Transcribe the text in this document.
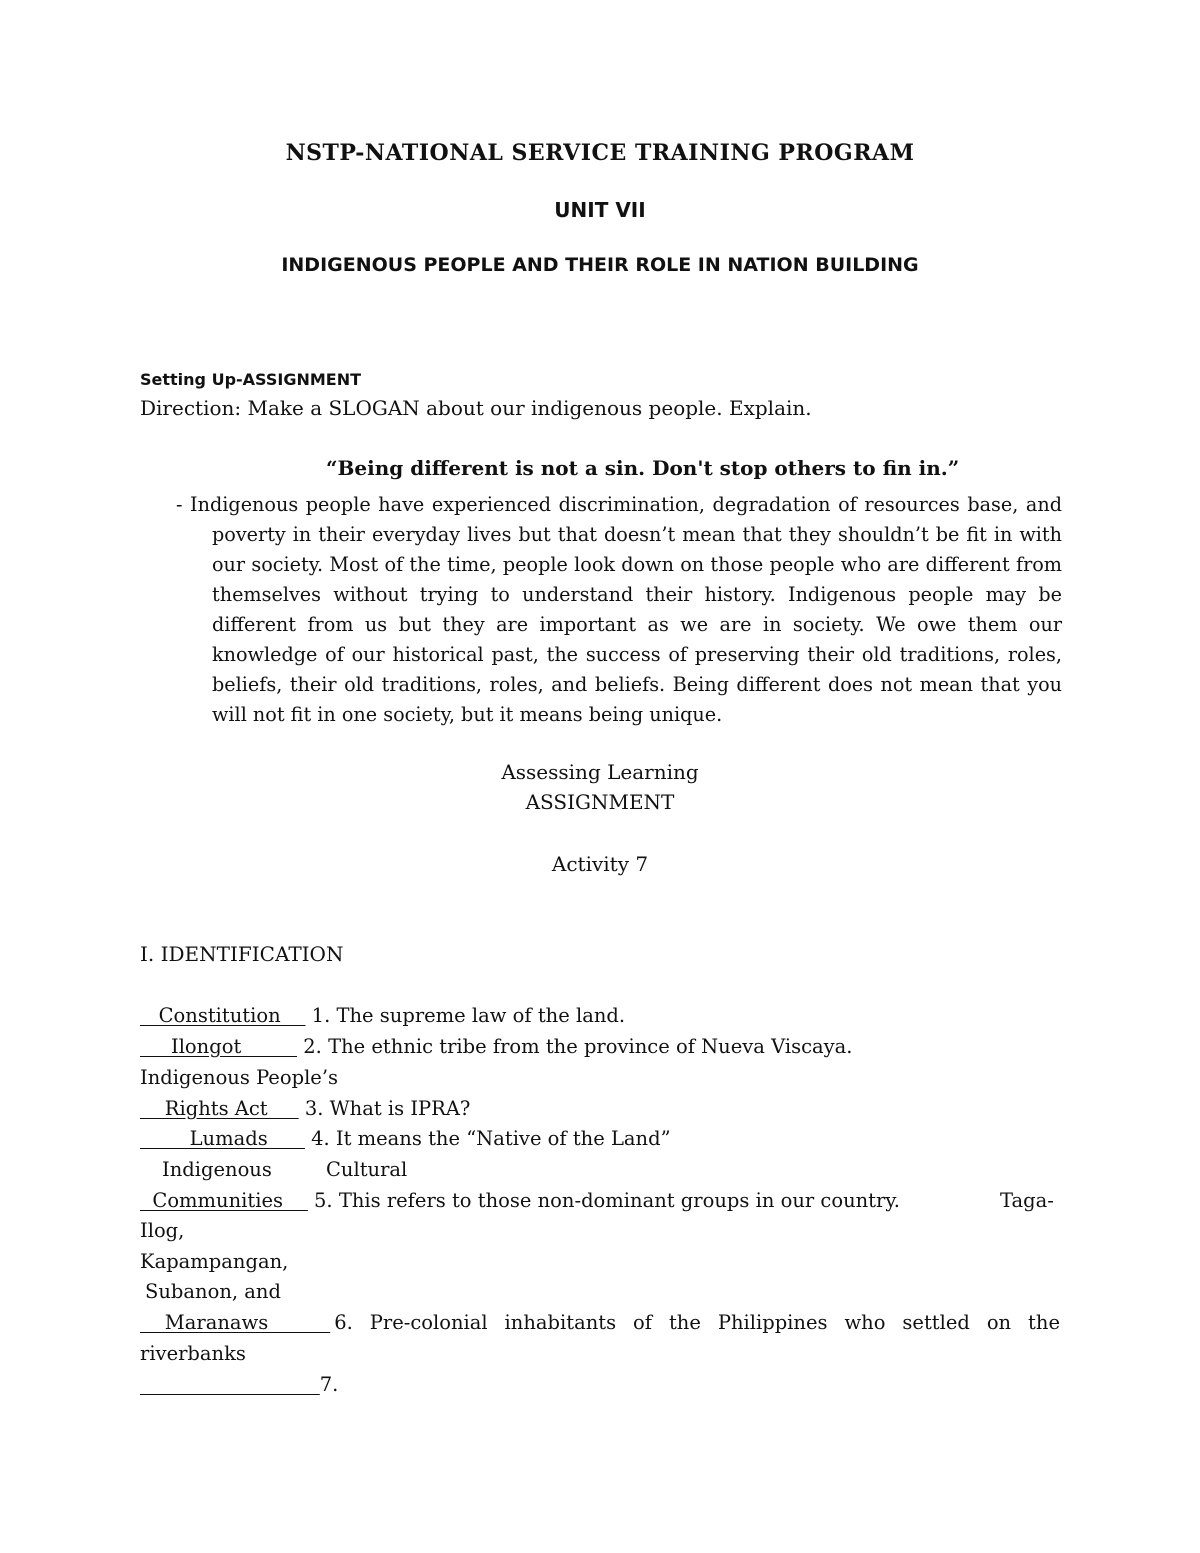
NSTP-NATIONAL SERVICE TRAINING PROGRAM
UNIT VII
INDIGENOUS PEOPLE AND THEIR ROLE IN NATION BUILDING
Setting Up-ASSIGNMENT
Direction: Make a SLOGAN about our indigenous people. Explain.
“Being different is not a sin. Don't stop others to fin in.”
- Indigenous people have experienced discrimination, degradation of resources base, and poverty in their everyday lives but that doesn’t mean that they shouldn’t be fit in with our society. Most of the time, people look down on those people who are different from themselves without trying to understand their history. Indigenous people may be different from us but they are important as we are in society. We owe them our knowledge of our historical past, the success of preserving their old traditions, roles, beliefs, their old traditions, roles, and beliefs. Being different does not mean that you will not fit in one society, but it means being unique.
Assessing Learning
ASSIGNMENT
Activity 7
I. IDENTIFICATION
Constitution     1. The supreme law of the land.
Ilongot          2. The ethnic tribe from the province of Nueva Viscaya.
Indigenous People’s
Rights Act      3. What is IPRA?
Lumads       4. It means the “Native of the Land”
Indigenous	Cultural
Communities     5. This refers to those non-dominant groups in our country.	Taga-
Ilog,
Kapampangan,
Subanon, and
Maranaws 6. Pre-colonial inhabitants of the Philippines who settled on the
riverbanks
7.
